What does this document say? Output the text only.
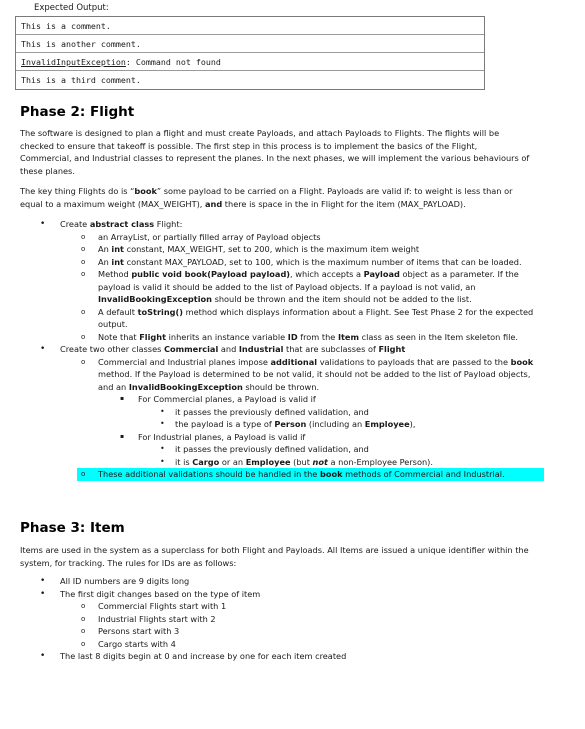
Expected Output:
This is a comment.
This is another comment.
InvalidInputException: Command not found
This is a third comment.
Phase 2: Flight

The software is designed to plan a flight and must create Payloads, and attach Payloads to Flights. The flights will be checked to ensure that takeoff is possible. The first step in this process is to implement the basics of the Flight, Commercial, and Industrial classes to represent the planes. In the next phases, we will implement the various behaviours of these planes.

The key thing Flights do is “book” some payload to be carried on a Flight. Payloads are valid if: to weight is less than or equal to a maximum weight (MAX_WEIGHT), and there is space in the in Flight for the item (MAX_PAYLOAD).

• Create abstract class Flight:
o an ArrayList, or partially filled array of Payload objects
o An int constant, MAX_WEIGHT, set to 200, which is the maximum item weight
o An int constant MAX_PAYLOAD, set to 100, which is the maximum number of items that can be loaded.
o Method public void book(Payload payload), which accepts a Payload object as a parameter. If the payload is valid it should be added to the list of Payload objects. If a payload is not valid, an InvalidBookingException should be thrown and the item should not be added to the list.
o A default toString() method which displays information about a Flight. See Test Phase 2 for the expected output.
o Note that Flight inherits an instance variable ID from the Item class as seen in the Item skeleton file.
• Create two other classes Commercial and Industrial that are subclasses of Flight
o Commercial and Industrial planes impose additional validations to payloads that are passed to the book method. If the Payload is determined to be not valid, it should not be added to the list of Payload objects, and an InvalidBookingException should be thrown.
▪ For Commercial planes, a Payload is valid if
• it passes the previously defined validation, and
• the payload is a type of Person (including an Employee),
▪ For Industrial planes, a Payload is valid if
• it passes the previously defined validation, and
• it is Cargo or an Employee (but not a non-Employee Person).
o These additional validations should be handled in the book methods of Commercial and Industrial.
Phase 3: Item

Items are used in the system as a superclass for both Flight and Payloads. All Items are issued a unique identifier within the system, for tracking. The rules for IDs are as follows:

• All ID numbers are 9 digits long
• The first digit changes based on the type of item
o Commercial Flights start with 1
o Industrial Flights start with 2
o Persons start with 3
o Cargo starts with 4
• The last 8 digits begin at 0 and increase by one for each item created
